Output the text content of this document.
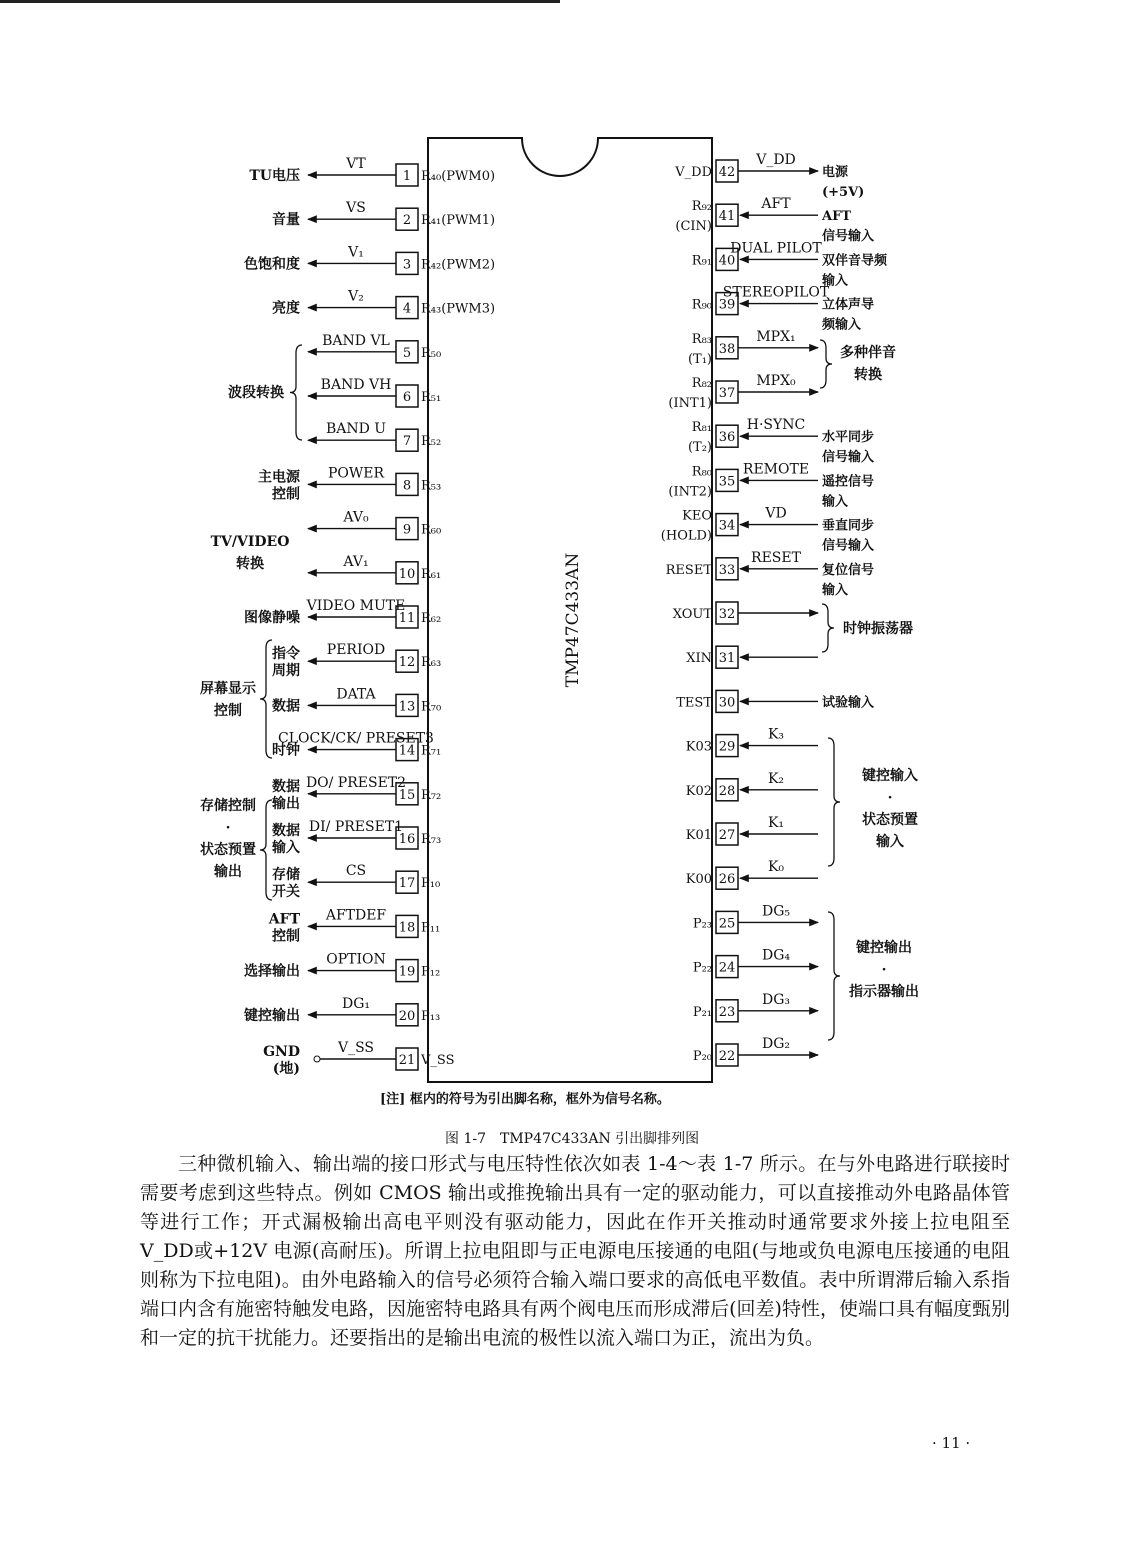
TMP47C433AN
1 R₄₀(PWM0)
VT
TU电压
2 R₄₁(PWM1)
VS
音量
3 R₄₂(PWM2)
V₁
色饱和度
4 R₄₃(PWM3)
V₂
亮度
5 R₅₀
BAND VL
6 R₅₁
BAND VH
7 R₅₂
BAND U
8 R₅₃
POWER
主电源
控制
9 R₆₀
AV₀
10 R₆₁
AV₁
11 R₆₂
VIDEO MUTE
图像静噪
12 R₆₃
PERIOD
指令
周期
13 R₇₀
DATA
数据
14 R₇₁
CLOCK/CK/ PRESET3
时钟
15 R₇₂
DO/ PRESET2
数据
输出
16 R₇₃
DI/ PRESET1
数据
输入
17 P₁₀
CS
存储
开关
18 P₁₁
AFTDEF
AFT
控制
19 P₁₂
OPTION
选择输出
20 P₁₃
DG₁
键控输出
21 V_SS
V_SS
GND
(地)
42
V_DD
V_DD
电源
(+5V)
41
R₉₂
(CIN)
AFT
AFT
信号输入
40
R₉₁
DUAL PILOT
双伴音导频
输入
39
R₉₀
STEREOPILOT
立体声导
频输入
38
R₈₃
(T₁)
MPX₁
37
R₈₂
(INT1)
MPX₀
36
R₈₁
(T₂)
H·SYNC
水平同步
信号输入
35
R₈₀
(INT2)
REMOTE
遥控信号
输入
34
KEO
(HOLD)
VD
垂直同步
信号输入
33
RESET
RESET
复位信号
输入
32
XOUT
31
XIN
30
TEST	试验输入
29
K03
K₃
28
K02
K₂
27
K01
K₁
26
K00
K₀
25
P₂₃
DG₅
24
P₂₂
DG₄
23
P₂₁
DG₃
22
P₂₀
DG₂
波段转换
TV/VIDEO
转换
屏幕显示
控制
存储控制
·
状态预置
输出
多种伴音
转换
时钟振荡器
键控输入
·
状态预置
输入
键控输出
·
指示器输出
[注] 框内的符号为引出脚名称，框外为信号名称。
图 1-7　TMP47C433AN 引出脚排列图

三种微机输入、输出端的接口形式与电压特性依次如表 1-4～表 1-7 所示。在与外电路进行联接时需要考虑到这些特点。例如 CMOS 输出或推挽输出具有一定的驱动能力，可以直接推动外电路晶体管等进行工作；开式漏极输出高电平则没有驱动能力，因此在作开关推动时通常要求外接上拉电阻至 V_DD或+12V 电源(高耐压)。所谓上拉电阻即与正电源电压接通的电阻(与地或负电源电压接通的电阻则称为下拉电阻)。由外电路输入的信号必须符合输入端口要求的高低电平数值。表中所谓滞后输入系指端口内含有施密特触发电路，因施密特电路具有两个阀电压而形成滞后(回差)特性，使端口具有幅度甄别和一定的抗干扰能力。还要指出的是输出电流的极性以流入端口为正，流出为负。

· 11 ·
